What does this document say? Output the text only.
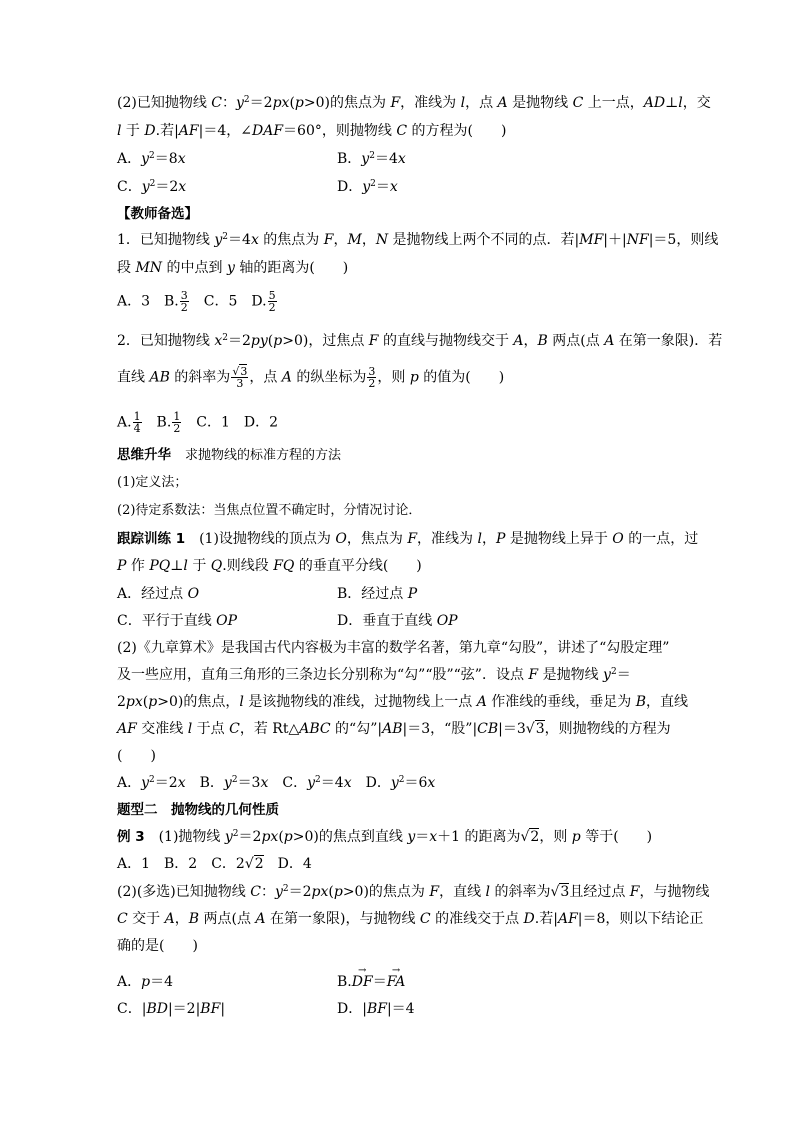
(2)已知抛物线 C：$y^2=2px(p>0)$的焦点为 F，准线为 l，点 A 是抛物线 C 上一点，AD⊥l，交
l 于 D.若|AF|＝4，∠DAF＝60°，则抛物线 C 的方程为(　　)
A．$y^2=8x$	B．$y^2=4x$
C．$y^2=2x$	D．$y^2=x$
【教师备选】
1．已知抛物线 $y^2=4x$ 的焦点为 F，M，N 是抛物线上两个不同的点．若|MF|＋|NF|＝5，则线
段 MN 的中点到 y 轴的距离为(　　)
A．3　B. $\frac{3}{2}$ 　C．5　D. $\frac{5}{2}$
2．已知抛物线 $x^2=2py(p>0)$，过焦点 F 的直线与抛物线交于 A，B 两点(点 A 在第一象限)．若
直线 AB 的斜率为 $\frac{√3}{3}$ ，点 A 的纵坐标为 $\frac{3}{2}$ ，则 p 的值为(　　)
A. $\frac{1}{4}$ 　B. $\frac{1}{2}$ 　C．1　D．2
思维升华　 求抛物线的标准方程的方法
(1)定义法；
(2)待定系数法：当焦点位置不确定时，分情况讨论．
跟踪训练 1　(1)设抛物线的顶点为 O，焦点为 F，准线为 l，P 是抛物线上异于 O 的一点，过
P 作 PQ⊥l 于 Q.则线段 FQ 的垂直平分线(　　)
A．经过点 O	B．经过点 P
C．平行于直线 OP	D．垂直于直线 OP
(2)《九章算术》是我国古代内容极为丰富的数学名著，第九章“勾股”，讲述了“勾股定理”
及一些应用，直角三角形的三条边长分别称为“勾”“股”“弦”．设点 F 是抛物线 $y^2=$
2px(p>0)的焦点，l 是该抛物线的准线，过抛物线上一点 A 作准线的垂线，垂足为 B，直线
AF 交准线 l 于点 C，若 Rt△ABC 的“勾”|AB|＝3，“股”|CB|＝3√3，则抛物线的方程为
(　　)
A．$y^2=2x$　B．$y^2=3x$　C．$y^2=4x$　D．$y^2=6x$
题型二　抛物线的几何性质
例 3　(1)抛物线 $y^2=2px(p>0)$的焦点到直线 y＝x＋1 的距离为√2，则 p 等于(　　)
A．1　B．2　C．2√2　D．4
(2)(多选)已知抛物线 C：$y^2=2px(p>0)$的焦点为 F，直线 l 的斜率为√3且经过点 F，与抛物线
C 交于 A，B 两点(点 A 在第一象限)，与抛物线 C 的准线交于点 D.若|AF|＝8，则以下结论正
确的是(　　)
A．p＝4	B.→ DF＝→ FA
C．|BD|＝2|BF|	D．|BF|＝4
